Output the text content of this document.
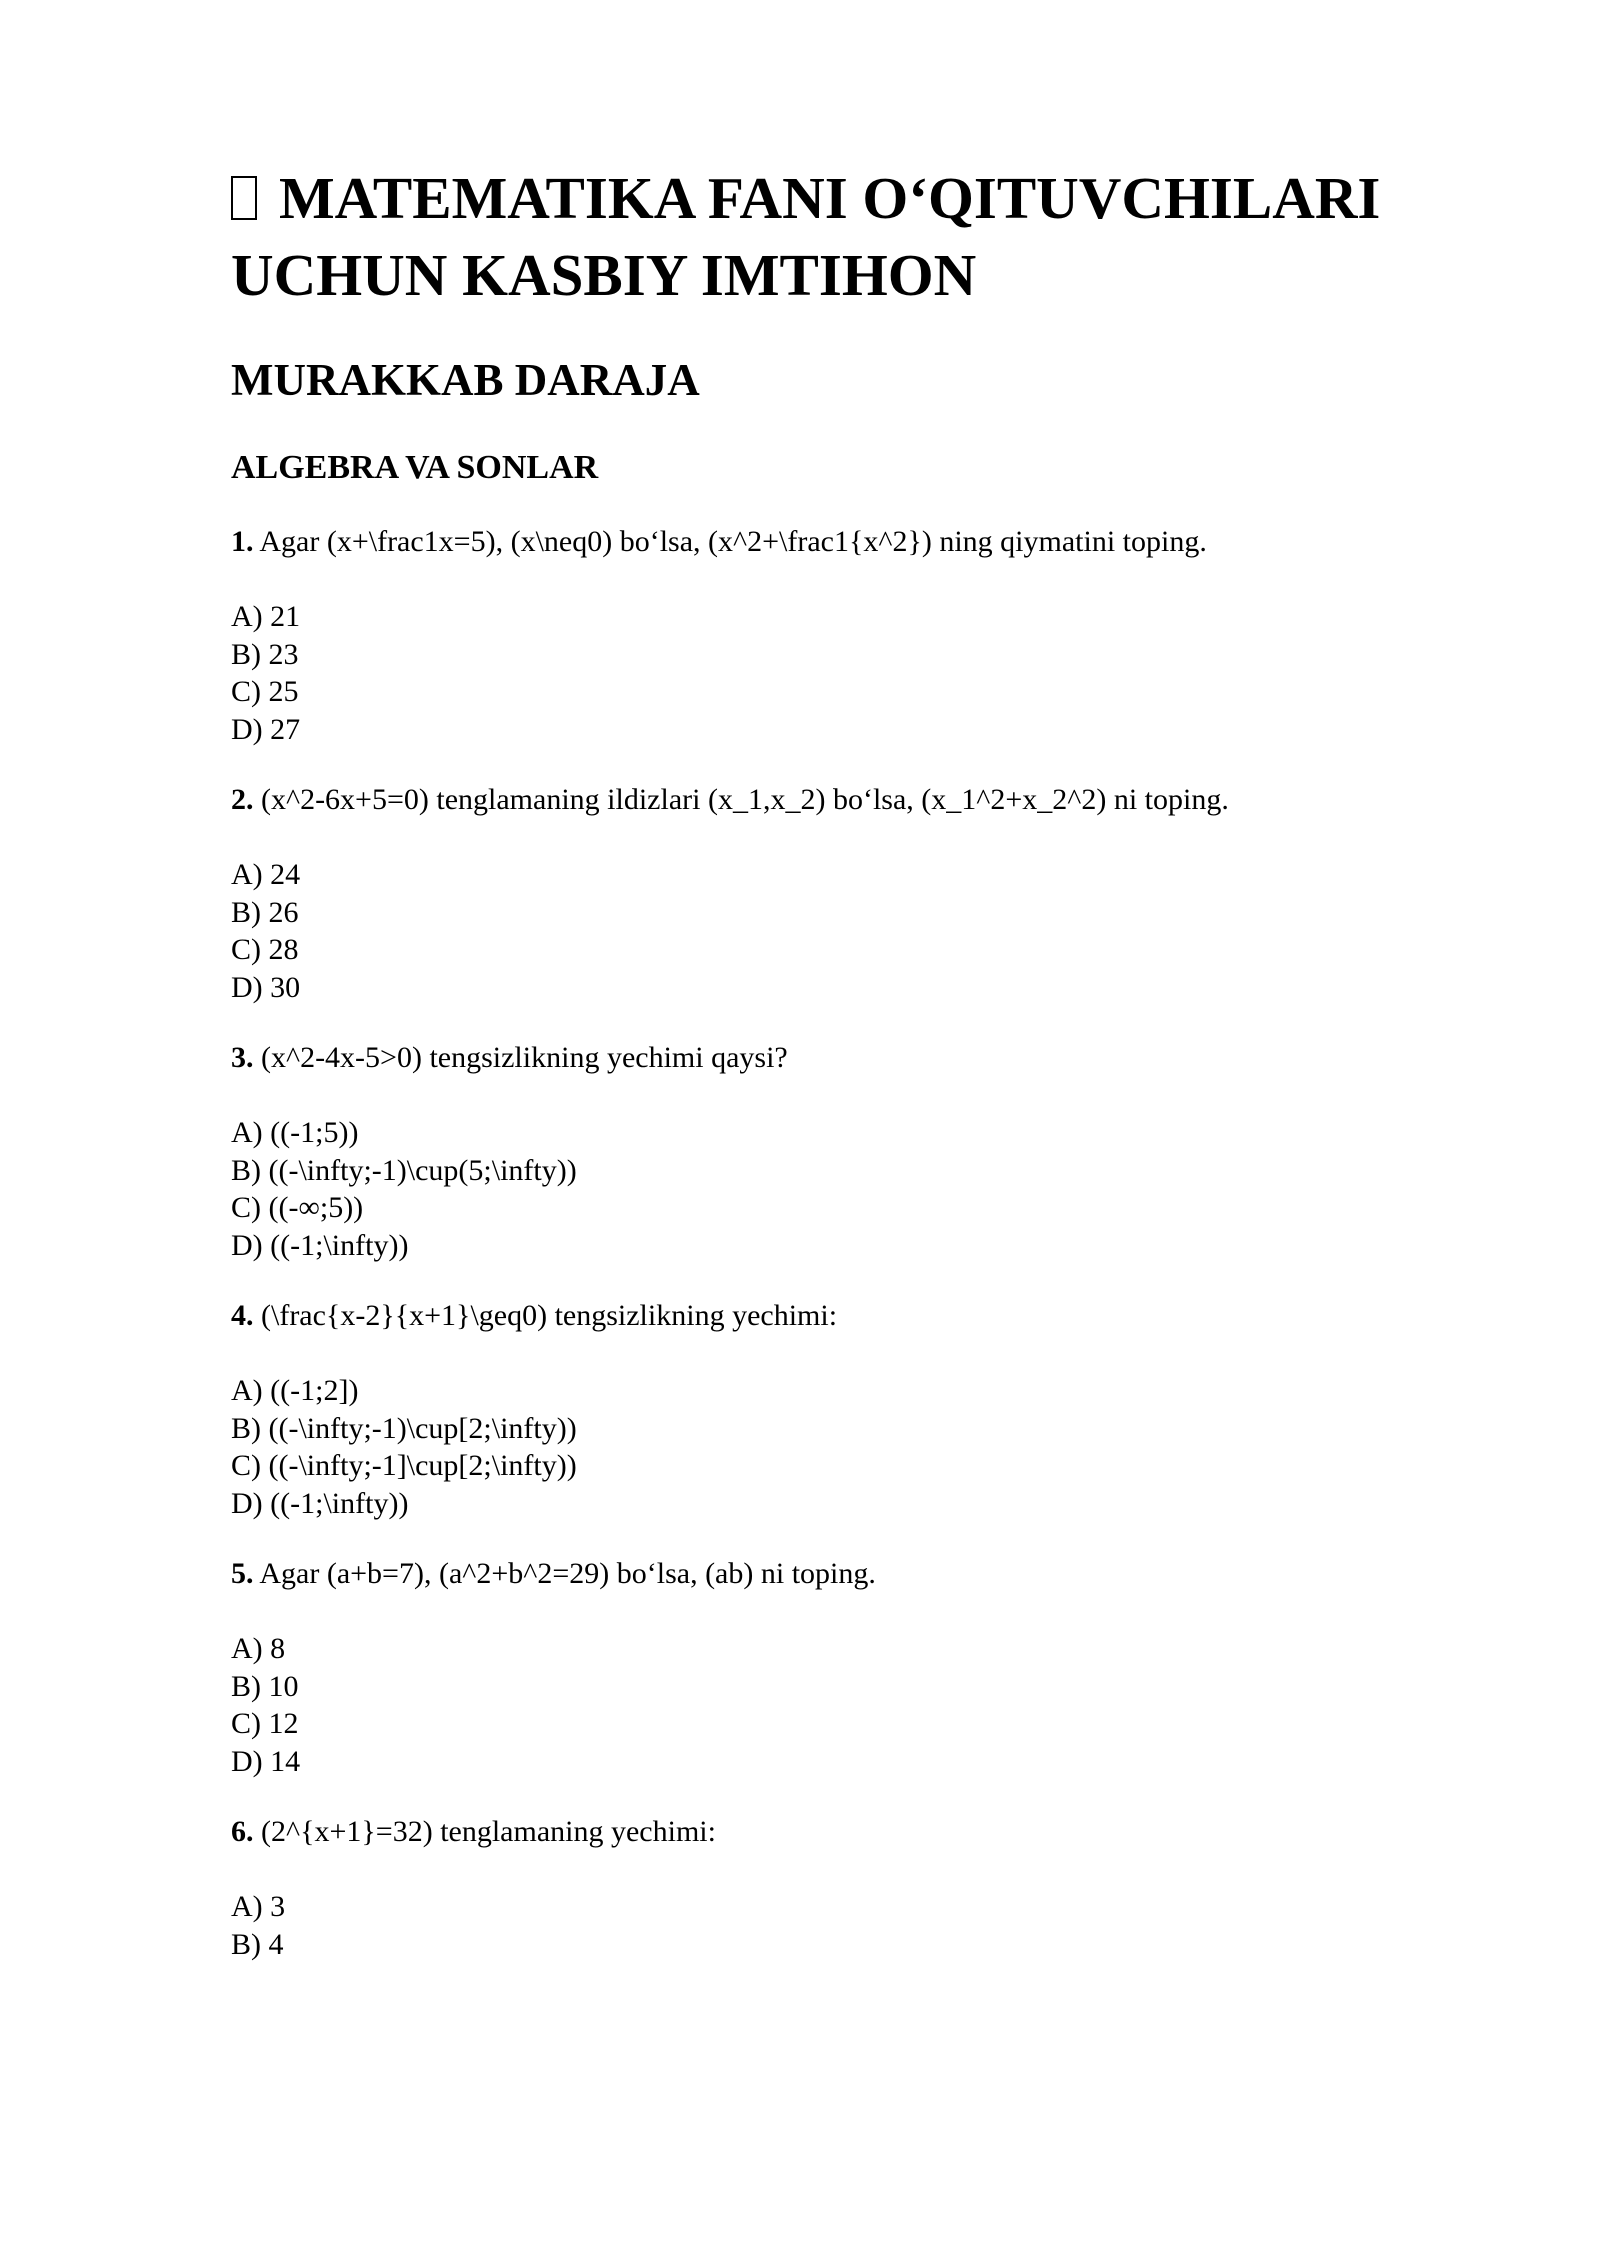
MATEMATIKA FANI O‘QITUVCHILARI UCHUN KASBIY IMTIHON
MURAKKAB DARAJA
ALGEBRA VA SONLAR

1. Agar (x+\frac1x=5), (x\neq0) bo‘lsa, (x^2+\frac1{x^2}) ning qiymatini toping.

A) 21
B) 23
C) 25
D) 27

2. (x^2-6x+5=0) tenglamaning ildizlari (x_1,x_2) bo‘lsa, (x_1^2+x_2^2) ni toping.

A) 24
B) 26
C) 28
D) 30

3. (x^2-4x-5>0) tengsizlikning yechimi qaysi?

A) ((-1;5))
B) ((-\infty;-1)\cup(5;\infty))
C) ((-∞;5))
D) ((-1;\infty))

4. (\frac{x-2}{x+1}\geq0) tengsizlikning yechimi:

A) ((-1;2])
B) ((-\infty;-1)\cup[2;\infty))
C) ((-\infty;-1]\cup[2;\infty))
D) ((-1;\infty))

5. Agar (a+b=7), (a^2+b^2=29) bo‘lsa, (ab) ni toping.

A) 8
B) 10
C) 12
D) 14

6. (2^{x+1}=32) tenglamaning yechimi:

A) 3
B) 4
